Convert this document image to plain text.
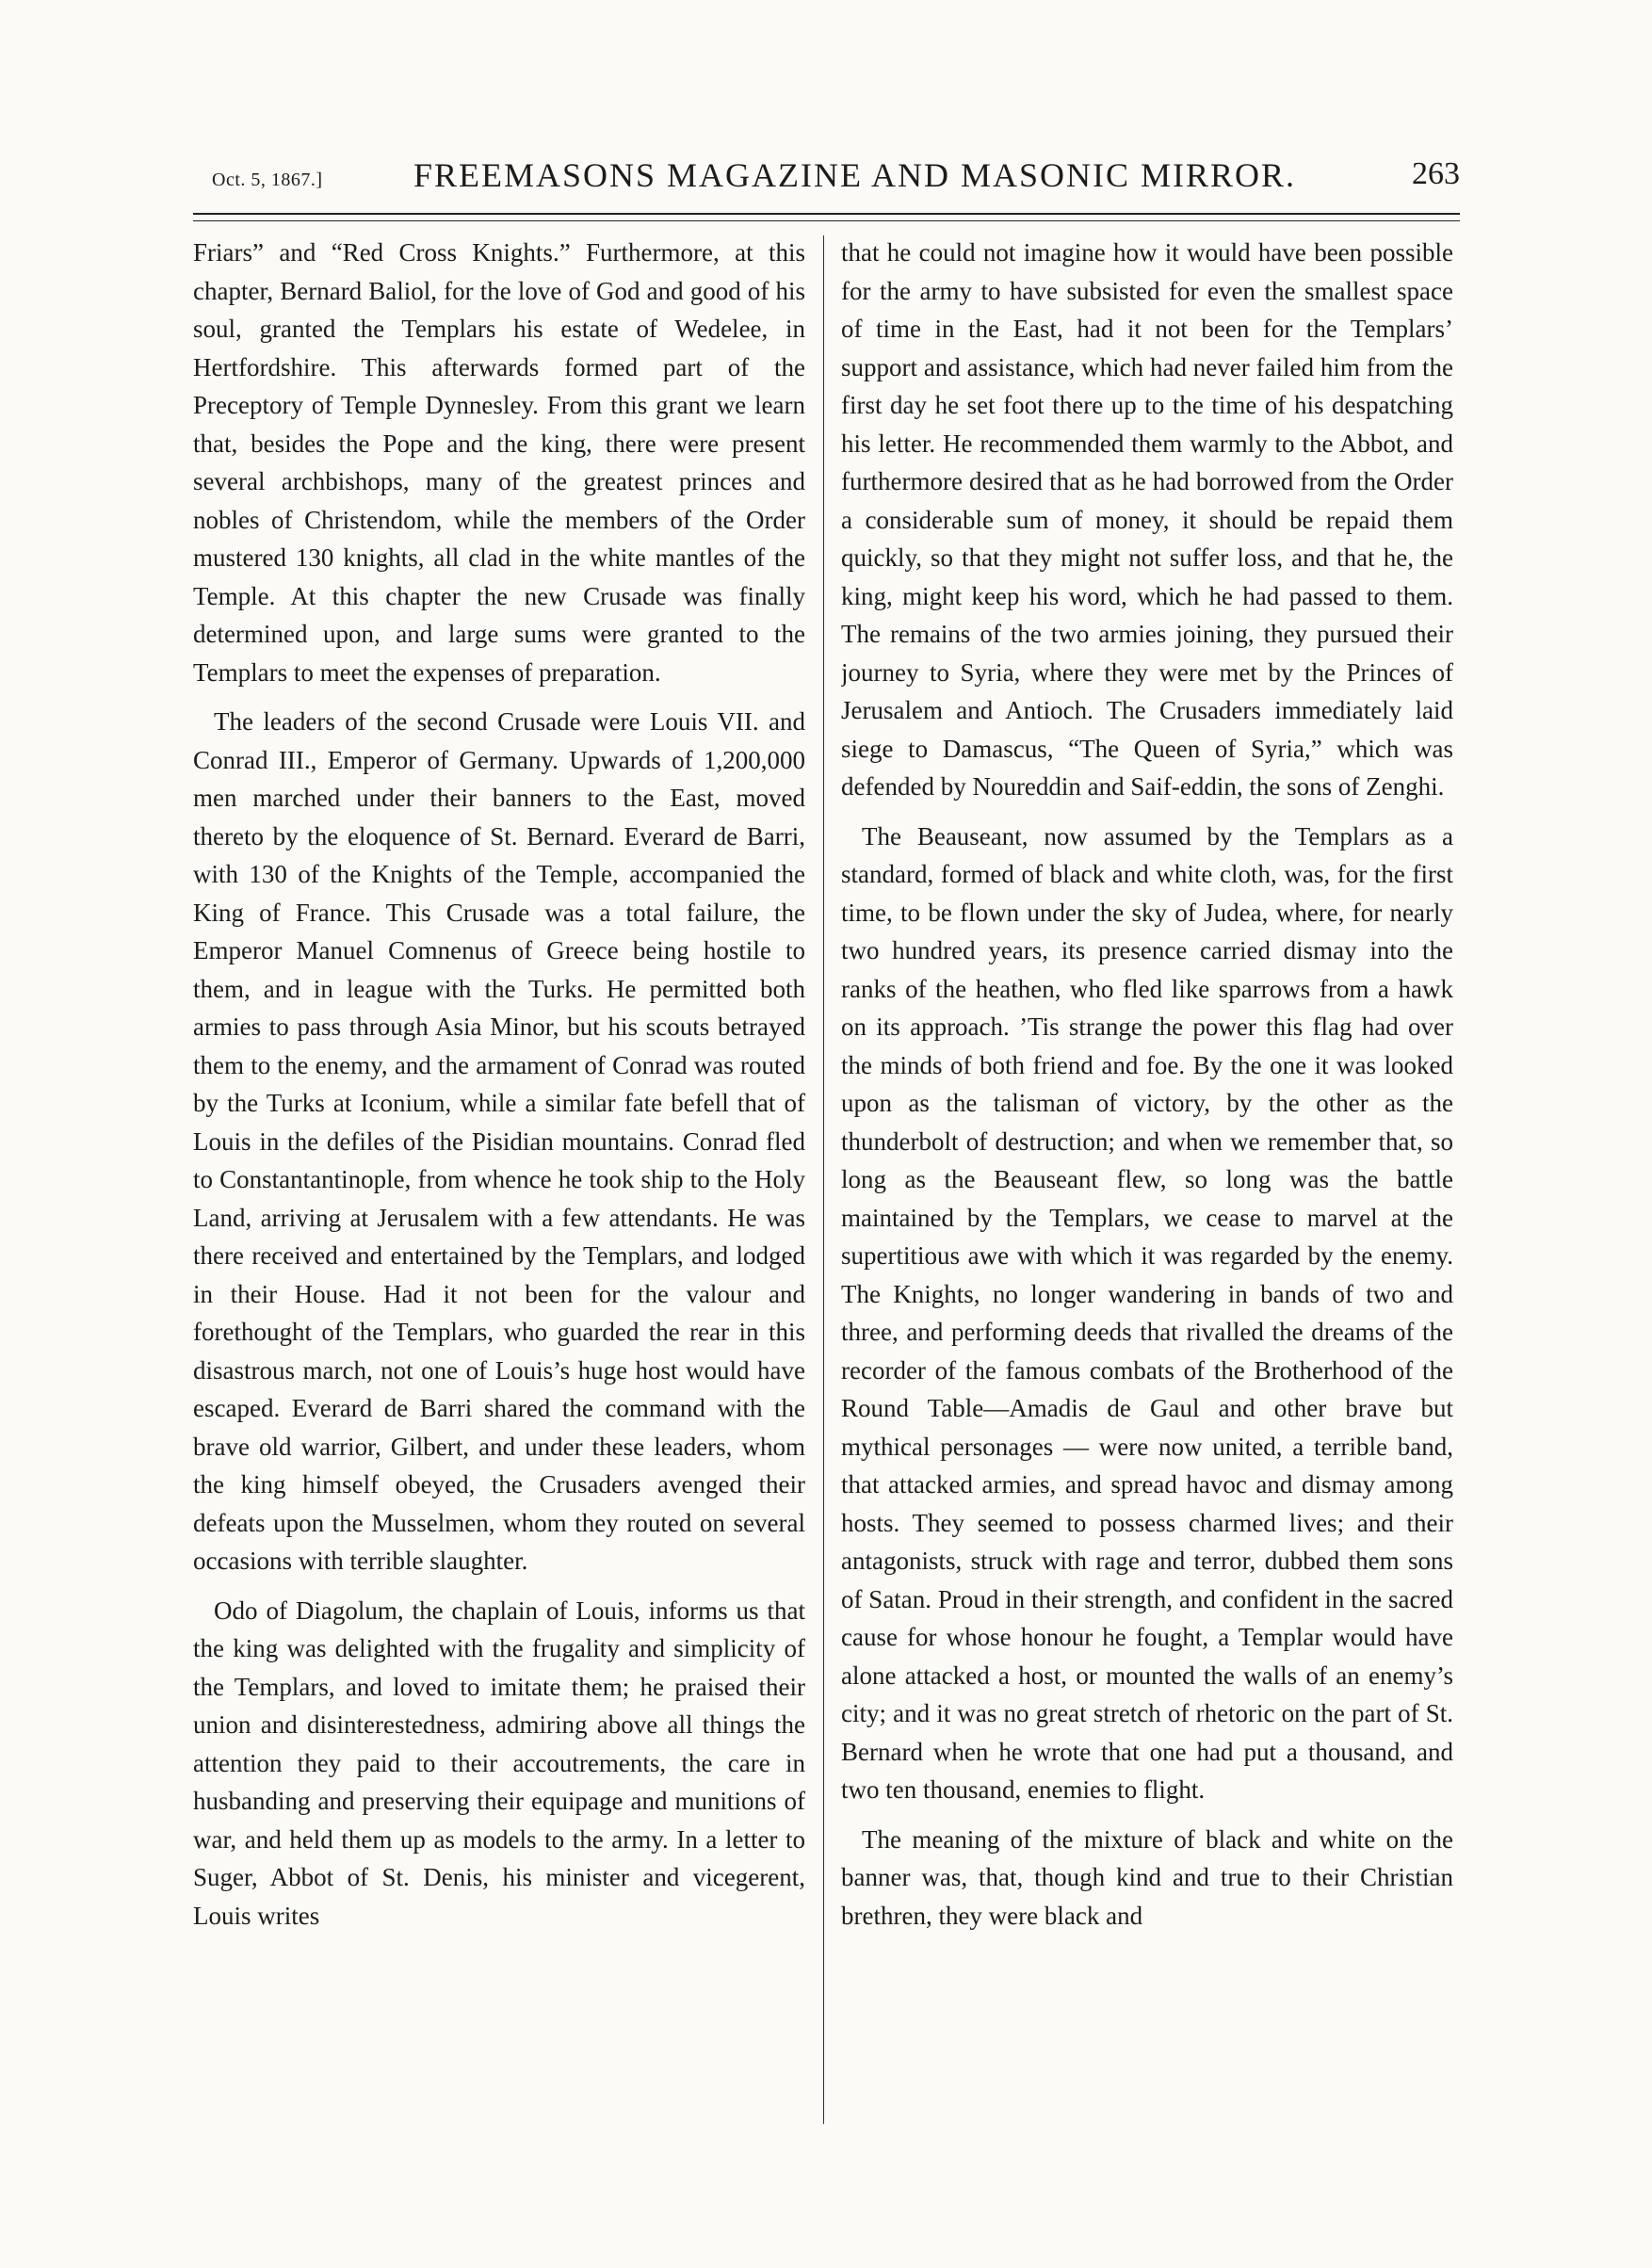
Oct. 5, 1867.]	FREEMASONS MAGAZINE AND MASONIC MIRROR.	263

Friars” and “Red Cross Knights.” Furthermore, at this chapter, Bernard Baliol, for the love of God and good of his soul, granted the Templars his estate of Wedelee, in Hertfordshire. This afterwards formed part of the Preceptory of Temple Dynnesley. From this grant we learn that, besides the Pope and the king, there were present several archbishops, many of the greatest princes and nobles of Christendom, while the members of the Order mustered 130 knights, all clad in the white mantles of the Temple. At this chapter the new Crusade was finally determined upon, and large sums were granted to the Templars to meet the expenses of preparation.

The leaders of the second Crusade were Louis VII. and Conrad III., Emperor of Germany. Upwards of 1,200,000 men marched under their banners to the East, moved thereto by the eloquence of St. Bernard. Everard de Barri, with 130 of the Knights of the Temple, accompanied the King of France. This Crusade was a total failure, the Emperor Manuel Comnenus of Greece being hostile to them, and in league with the Turks. He permitted both armies to pass through Asia Minor, but his scouts betrayed them to the enemy, and the armament of Conrad was routed by the Turks at Iconium, while a similar fate befell that of Louis in the defiles of the Pisidian mountains. Conrad fled to Constantantinople, from whence he took ship to the Holy Land, arriving at Jerusalem with a few attendants. He was there received and entertained by the Templars, and lodged in their House. Had it not been for the valour and forethought of the Templars, who guarded the rear in this disastrous march, not one of Louis’s huge host would have escaped. Everard de Barri shared the command with the brave old warrior, Gilbert, and under these leaders, whom the king himself obeyed, the Crusaders avenged their defeats upon the Musselmen, whom they routed on several occasions with terrible slaughter.

Odo of Diagolum, the chaplain of Louis, informs us that the king was delighted with the frugality and simplicity of the Templars, and loved to imitate them; he praised their union and disinterestedness, admiring above all things the attention they paid to their accoutrements, the care in husbanding and preserving their equipage and munitions of war, and held them up as models to the army. In a letter to Suger, Abbot of St. Denis, his minister and vicegerent, Louis writes

that he could not imagine how it would have been possible for the army to have subsisted for even the smallest space of time in the East, had it not been for the Templars’ support and assistance, which had never failed him from the first day he set foot there up to the time of his despatching his letter. He recommended them warmly to the Abbot, and furthermore desired that as he had borrowed from the Order a considerable sum of money, it should be repaid them quickly, so that they might not suffer loss, and that he, the king, might keep his word, which he had passed to them. The remains of the two armies joining, they pursued their journey to Syria, where they were met by the Princes of Jerusalem and Antioch. The Crusaders immediately laid siege to Damascus, “The Queen of Syria,” which was defended by Noureddin and Saif-eddin, the sons of Zenghi.

The Beauseant, now assumed by the Templars as a standard, formed of black and white cloth, was, for the first time, to be flown under the sky of Judea, where, for nearly two hundred years, its presence carried dismay into the ranks of the heathen, who fled like sparrows from a hawk on its approach. ’Tis strange the power this flag had over the minds of both friend and foe. By the one it was looked upon as the talisman of victory, by the other as the thunderbolt of destruction; and when we remember that, so long as the Beauseant flew, so long was the battle maintained by the Templars, we cease to marvel at the supertitious awe with which it was regarded by the enemy. The Knights, no longer wandering in bands of two and three, and performing deeds that rivalled the dreams of the recorder of the famous combats of the Brotherhood of the Round Table—Amadis de Gaul and other brave but mythical personages — were now united, a terrible band, that attacked armies, and spread havoc and dismay among hosts. They seemed to possess charmed lives; and their antagonists, struck with rage and terror, dubbed them sons of Satan. Proud in their strength, and confident in the sacred cause for whose honour he fought, a Templar would have alone attacked a host, or mounted the walls of an enemy’s city; and it was no great stretch of rhetoric on the part of St. Bernard when he wrote that one had put a thousand, and two ten thousand, enemies to flight.

The meaning of the mixture of black and white on the banner was, that, though kind and true to their Christian brethren, they were black and
